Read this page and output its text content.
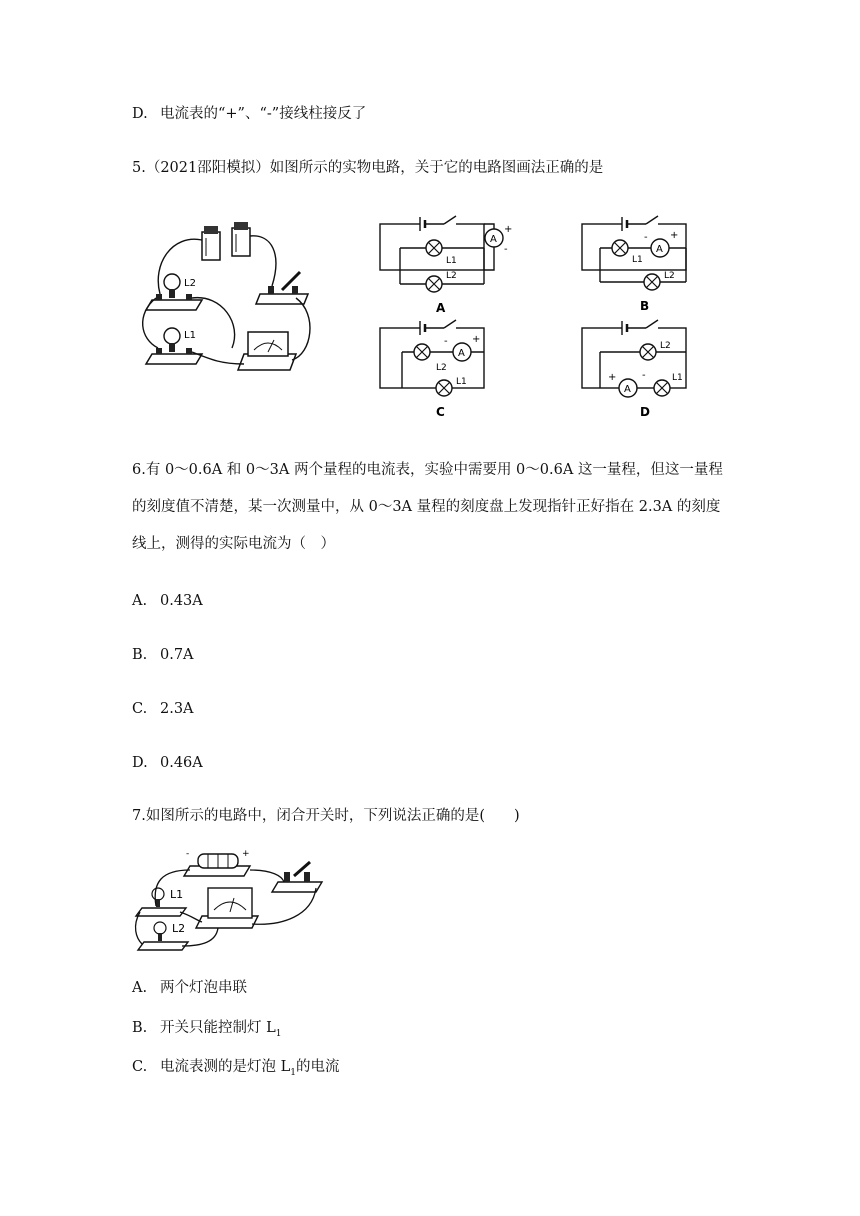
D. 电流表的“+”、“-”接线柱接反了
5.（2021邵阳模拟）如图所示的实物电路，关于它的电路图画法正确的是
L2
L1
A
+
-
L1
L2
A
A
- +
L1
L2
B
A
- +
L2
L1
C
L2
A
+	-	L1
D
6.有 0～0.6A 和 0～3A 两个量程的电流表，实验中需要用 0～0.6A 这一量程，但这一量程
的刻度值不清楚，某一次测量中，从 0～3A 量程的刻度盘上发现指针正好指在 2.3A 的刻度
线上，测得的实际电流为（　）
A. 0.43A
B. 0.7A
C. 2.3A
D. 0.46A
7.如图所示的电路中，闭合开关时，下列说法正确的是(　　)
-	+
L1
L2
A. 两个灯泡串联
B. 开关只能控制灯 $L_1$
C. 电流表测的是灯泡 $L_1$的电流
